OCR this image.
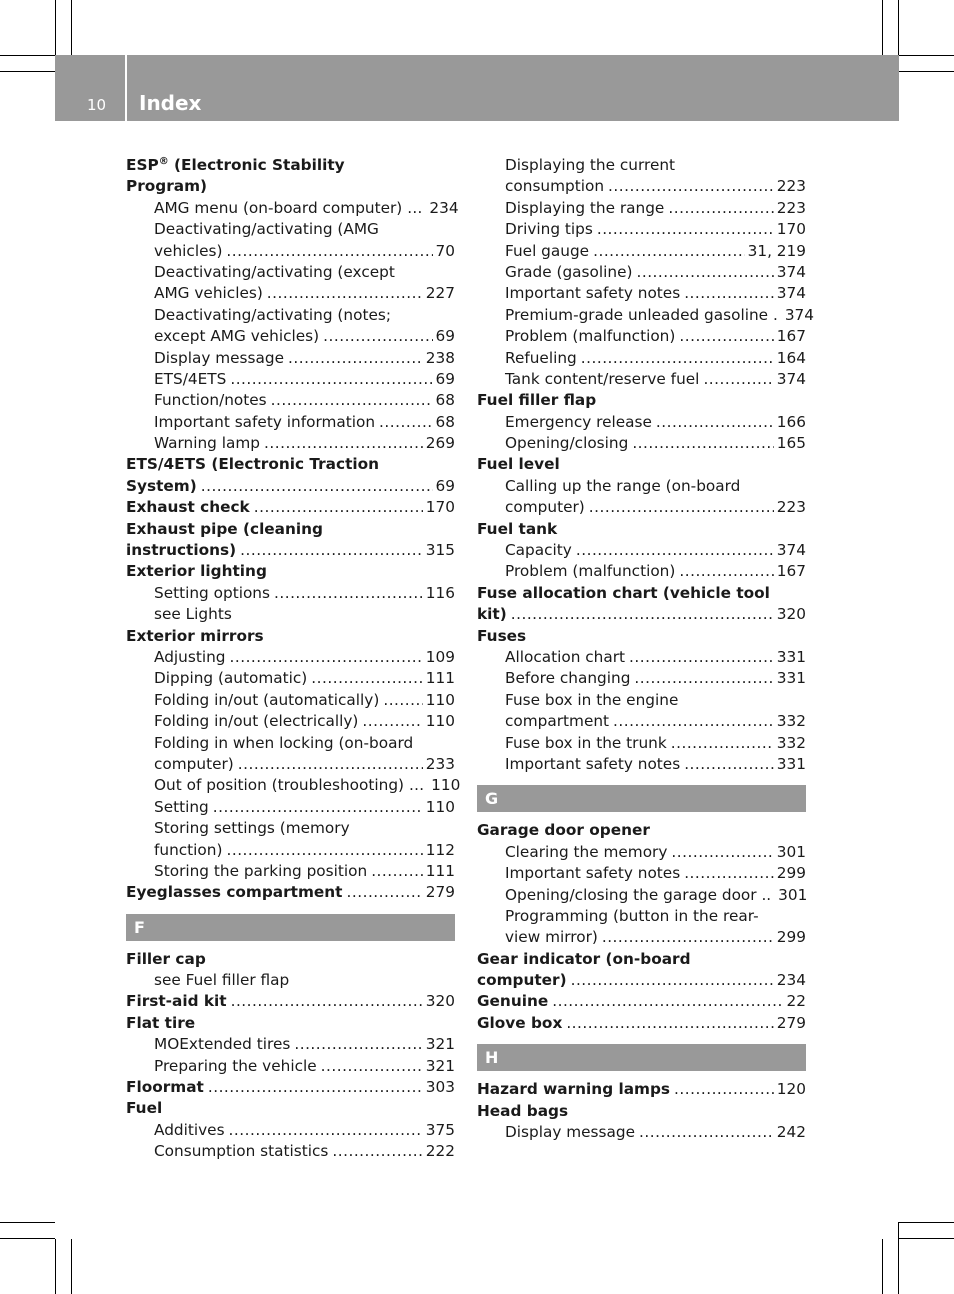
10 Index
ESP® (Electronic Stability
Program)
AMG menu (on-board computer) … 234
Deactivating/activating (AMG
vehicles) .....	70
Deactivating/activating (except
AMG vehicles) .....	227
Deactivating/activating (notes;
except AMG vehicles) .....	69
Display message .....	238
ETS/4ETS .....	69
Function/notes .....	68
Important safety information .....	68
Warning lamp .....	269
ETS/4ETS (Electronic Traction
System) .....	69
Exhaust check .....	170
Exhaust pipe (cleaning
instructions) .....	315
Exterior lighting
Setting options .....	116
see Lights
Exterior mirrors
Adjusting .....	109
Dipping (automatic) .....	111
Folding in/out (automatically) .....	110
Folding in/out (electrically) .....	110
Folding in when locking (on-board
computer) .....	233
Out of position (troubleshooting) … 110
Setting .....	110
Storing settings (memory
function) .....	112
Storing the parking position .....	111
Eyeglasses compartment .....	279
F
Filler cap
see Fuel filler flap
First-aid kit .....	320
Flat tire
MOExtended tires .....	321
Preparing the vehicle .....	321
Floormat .....	303
Fuel
Additives .....	375
Consumption statistics .....	222
Displaying the current
consumption .....	223
Displaying the range .....	223
Driving tips .....	170
Fuel gauge .....	31, 219
Grade (gasoline) .....	374
Important safety notes .....	374
Premium-grade unleaded gasoline . 374
Problem (malfunction) .....	167
Refueling .....	164
Tank content/reserve fuel .....	374
Fuel filler flap
Emergency release .....	166
Opening/closing .....	165
Fuel level
Calling up the range (on-board
computer) .....	223
Fuel tank
Capacity .....	374
Problem (malfunction) .....	167
Fuse allocation chart (vehicle tool
kit) .....	320
Fuses
Allocation chart .....	331
Before changing .....	331
Fuse box in the engine
compartment .....	332
Fuse box in the trunk .....	332
Important safety notes .....	331
G
Garage door opener
Clearing the memory .....	301
Important safety notes .....	299
Opening/closing the garage door .. 301
Programming (button in the rear-
view mirror) .....	299
Gear indicator (on-board
computer) .....	234
Genuine .....	22
Glove box .....	279
H
Hazard warning lamps .....	120
Head bags
Display message .....	242
